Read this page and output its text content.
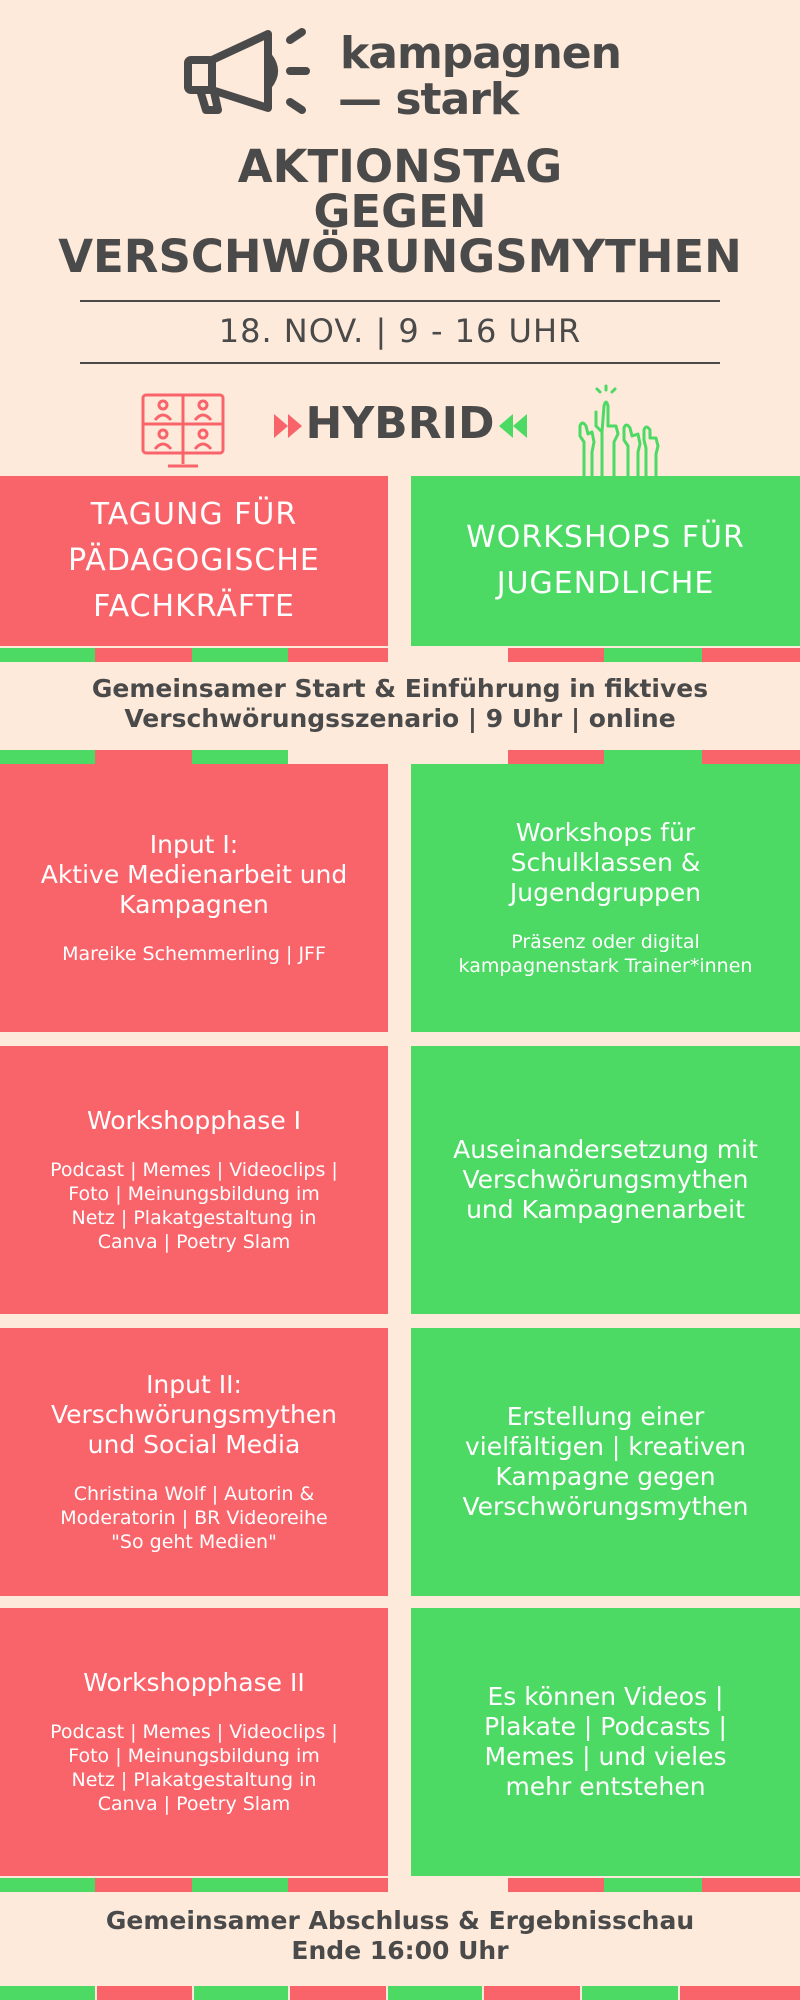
kampagnen
— stark
AKTIONSTAG
GEGEN
VERSCHWÖRUNGSMYTHEN
18. NOV. | 9 - 16 UHR
HYBRID
TAGUNG FÜR
PÄDAGOGISCHE
FACHKRÄFTE
WORKSHOPS FÜR
JUGENDLICHE
Gemeinsamer Start & Einführung in fiktives
Verschwörungsszenario | 9 Uhr | online
Input I:
Aktive Medienarbeit und
Kampagnen
Mareike Schemmerling | JFF
Workshops für
Schulklassen &
Jugendgruppen
Präsenz oder digital
kampagnenstark Trainer*innen
Workshopphase I
Podcast | Memes | Videoclips |
Foto | Meinungsbildung im
Netz | Plakatgestaltung in
Canva | Poetry Slam
Auseinandersetzung mit
Verschwörungsmythen
und Kampagnenarbeit
Input II:
Verschwörungsmythen
und Social Media
Christina Wolf | Autorin &
Moderatorin | BR Videoreihe
"So geht Medien"
Erstellung einer
vielfältigen | kreativen
Kampagne gegen
Verschwörungsmythen
Workshopphase II
Podcast | Memes | Videoclips |
Foto | Meinungsbildung im
Netz | Plakatgestaltung in
Canva | Poetry Slam
Es können Videos |
Plakate | Podcasts |
Memes | und vieles
mehr entstehen
Gemeinsamer Abschluss & Ergebnisschau
Ende 16:00 Uhr
